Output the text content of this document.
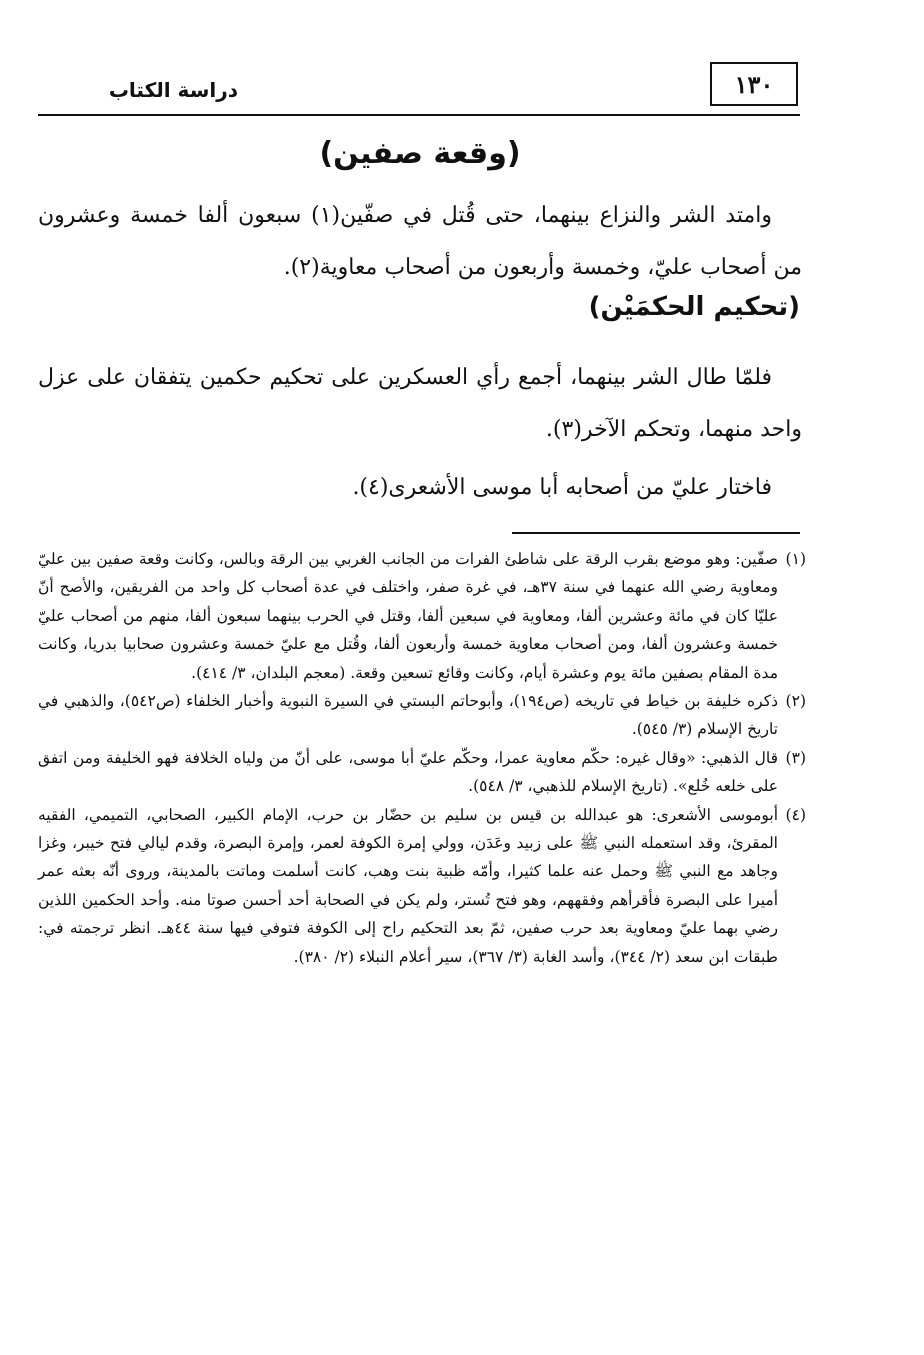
١٣٠
دراسة الكتاب
(وقعة صفين)

وامتد الشر والنزاع بينهما، حتى قُتل في صفّين(١) سبعون ألفا خمسة وعشرون من أصحاب عليّ، وخمسة وأربعون من أصحاب معاوية(٢).

(تحكيم الحكمَيْن)

فلمّا طال الشر بينهما، أجمع رأي العسكرين على تحكيم حكمين يتفقان على عزل واحد منهما، وتحكم الآخر(٣).

فاختار عليّ من أصحابه أبا موسى الأشعرى(٤).

(١)
صفّين: وهو موضع بقرب الرقة على شاطئ الفرات من الجانب الغربي بين الرقة وبالس، وكانت وقعة صفين بين عليّ ومعاوية رضي الله عنهما في سنة ٣٧هـ، في غرة صفر، واختلف في عدة أصحاب كل واحد من الفريقين، والأصح أنّ عليّا كان في مائة وعشرين ألفا، ومعاوية في سبعين ألفا، وقتل في الحرب بينهما سبعون ألفا، منهم من أصحاب عليّ خمسة وعشرون ألفا، ومن أصحاب معاوية خمسة وأربعون ألفا، وقُتل مع عليّ خمسة وعشرون صحابيا بدريا، وكانت مدة المقام بصفين مائة يوم وعشرة أيام، وكانت وقائع تسعين وقعة. (معجم البلدان، ٣/ ٤١٤).
(٢)
ذكره خليفة بن خياط في تاريخه (ص١٩٤)، وأبوحاتم البستي في السيرة النبوية وأخبار الخلفاء (ص٥٤٢)، والذهبي في تاريخ الإسلام (٣/ ٥٤٥).
(٣)
قال الذهبي: «وقال غيره: حكّم معاوية عمرا، وحكّم عليّ أبا موسى، على أنّ من ولياه الخلافة فهو الخليفة ومن اتفق على خلعه خُلع». (تاريخ الإسلام للذهبي، ٣/ ٥٤٨).
(٤)
أبوموسى الأشعرى: هو عبدالله بن قيس بن سليم بن حضّار بن حرب، الإمام الكبير، الصحابي، التميمي، الفقيه المقرئ، وقد استعمله النبي ﷺ على زبيد وعَدَن، وولي إمرة الكوفة لعمر، وإمرة البصرة، وقدم ليالي فتح خيبر، وغزا وجاهد مع النبي ﷺ وحمل عنه علما كثيرا، وأمّه ظبية بنت وهب، كانت أسلمت وماتت بالمدينة، وروى أنّه بعثه عمر أميرا على البصرة فأقرأهم وفقههم، وهو فتح تُستر، ولم يكن في الصحابة أحد أحسن صوتا منه. وأحد الحكمين اللذين رضي بهما عليّ ومعاوية بعد حرب صفين، ثمّ بعد التحكيم راح إلى الكوفة فتوفي فيها سنة ٤٤هـ. انظر ترجمته في: طبقات ابن سعد (٢/ ٣٤٤)، وأسد الغابة (٣/ ٣٦٧)، سير أعلام النبلاء (٢/ ٣٨٠).
